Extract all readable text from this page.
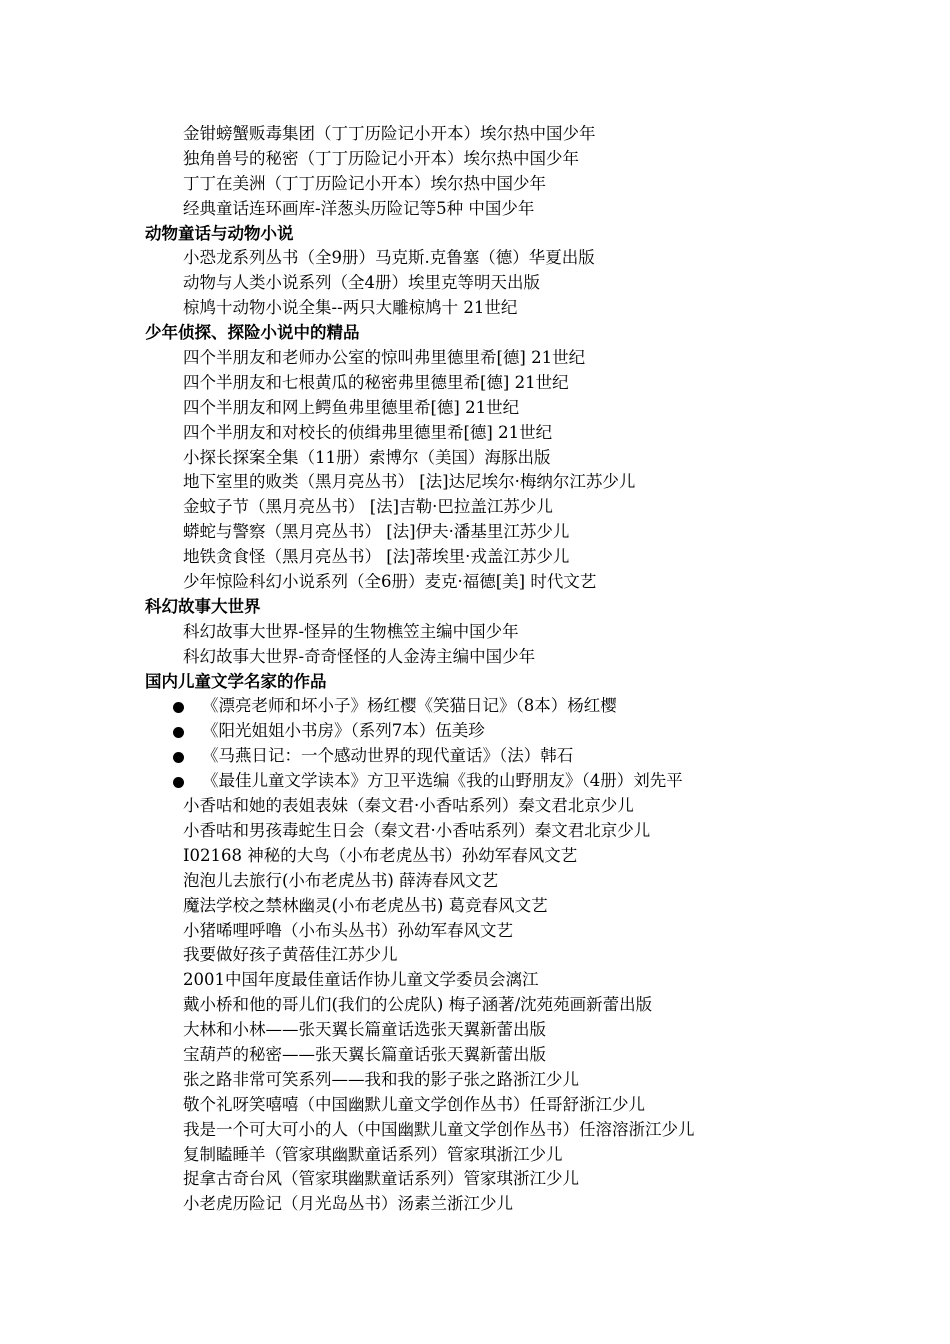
金钳螃蟹贩毒集团（丁丁历险记小开本）埃尔热中国少年
独角兽号的秘密（丁丁历险记小开本）埃尔热中国少年
丁丁在美洲（丁丁历险记小开本）埃尔热中国少年
经典童话连环画库-洋葱头历险记等5种 中国少年
动物童话与动物小说
小恐龙系列丛书（全9册）马克斯.克鲁塞（德）华夏出版
动物与人类小说系列（全4册）埃里克等明天出版
椋鸠十动物小说全集--两只大雕椋鸠十 21世纪
少年侦探、探险小说中的精品
四个半朋友和老师办公室的惊叫弗里德里希[德] 21世纪
四个半朋友和七根黄瓜的秘密弗里德里希[德] 21世纪
四个半朋友和网上鳄鱼弗里德里希[德] 21世纪
四个半朋友和对校长的侦缉弗里德里希[德] 21世纪
小探长探案全集（11册）索博尔（美国）海豚出版
地下室里的败类（黑月亮丛书） [法]达尼埃尔·梅纳尔江苏少儿
金蚊子节（黑月亮丛书） [法]吉勒·巴拉盖江苏少儿
蟒蛇与警察（黑月亮丛书） [法]伊夫·潘基里江苏少儿
地铁贪食怪（黑月亮丛书） [法]蒂埃里·戎盖江苏少儿
少年惊险科幻小说系列（全6册）麦克·福德[美] 时代文艺
科幻故事大世界
科幻故事大世界-怪异的生物樵笠主编中国少年
科幻故事大世界-奇奇怪怪的人金涛主编中国少年
国内儿童文学名家的作品
《漂亮老师和坏小子》杨红樱《笑猫日记》（8本）杨红樱
《阳光姐姐小书房》（系列7本）伍美珍
《马燕日记：一个感动世界的现代童话》（法）韩石
《最佳儿童文学读本》方卫平选编《我的山野朋友》（4册）刘先平
小香咕和她的表姐表妹（秦文君·小香咕系列）秦文君北京少儿
小香咕和男孩毒蛇生日会（秦文君·小香咕系列）秦文君北京少儿
I02168 神秘的大鸟（小布老虎丛书）孙幼军春风文艺
泡泡儿去旅行(小布老虎丛书) 薛涛春风文艺
魔法学校之禁林幽灵(小布老虎丛书) 葛竞春风文艺
小猪唏哩呼噜（小布头丛书）孙幼军春风文艺
我要做好孩子黄蓓佳江苏少儿
2001中国年度最佳童话作协儿童文学委员会漓江
戴小桥和他的哥儿们(我们的公虎队) 梅子涵著/沈苑苑画新蕾出版
大林和小林——张天翼长篇童话选张天翼新蕾出版
宝葫芦的秘密——张天翼长篇童话张天翼新蕾出版
张之路非常可笑系列——我和我的影子张之路浙江少儿
敬个礼呀笑嘻嘻（中国幽默儿童文学创作丛书）任哥舒浙江少儿
我是一个可大可小的人（中国幽默儿童文学创作丛书）任溶溶浙江少儿
复制瞌睡羊（管家琪幽默童话系列）管家琪浙江少儿
捉拿古奇台风（管家琪幽默童话系列）管家琪浙江少儿
小老虎历险记（月光岛丛书）汤素兰浙江少儿
